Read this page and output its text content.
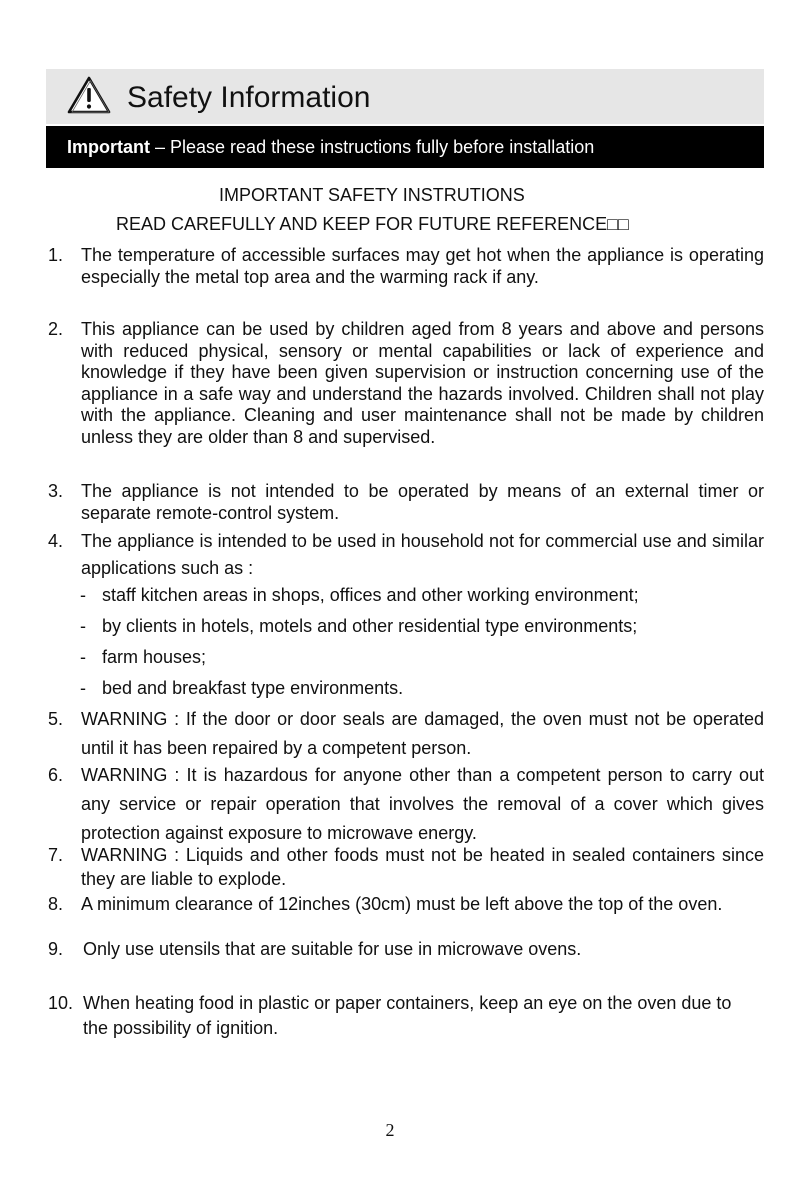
Safety Information
Important – Please read these instructions fully before installation
IMPORTANT SAFETY INSTRUTIONS
READ CAREFULLY AND KEEP FOR FUTURE REFERENCE□□
1. The temperature of accessible surfaces may get hot when the appliance is operating especially the metal top area and the warming rack if any.
2. This appliance can be used by children aged from 8 years and above and persons with reduced physical, sensory or mental capabilities or lack of experience and knowledge if they have been given supervision or instruction concerning use of the appliance in a safe way and understand the hazards involved. Children shall not play with the appliance. Cleaning and user maintenance shall not be made by children unless they are older than 8 and supervised.
3. The appliance is not intended to be operated by means of an external timer or separate remote-control system.
4. The appliance is intended to be used in household not for commercial use and similar applications such as :
- staff kitchen areas in shops, offices and other working environment;
- by clients in hotels, motels and other residential type environments;
- farm houses;
- bed and breakfast type environments.
5. WARNING : If the door or door seals are damaged, the oven must not be operated until it has been repaired by a competent person.
6. WARNING : It is hazardous for anyone other than a competent person to carry out any service or repair operation that involves the removal of a cover which gives protection against exposure to microwave energy.
7. WARNING : Liquids and other foods must not be heated in sealed containers since they are liable to explode.
8. A minimum clearance of 12inches (30cm) must be left above the top of the oven.
9. Only use utensils that are suitable for use in microwave ovens.
10. When heating food in plastic or paper containers, keep an eye on the oven due to the possibility of ignition.
2
